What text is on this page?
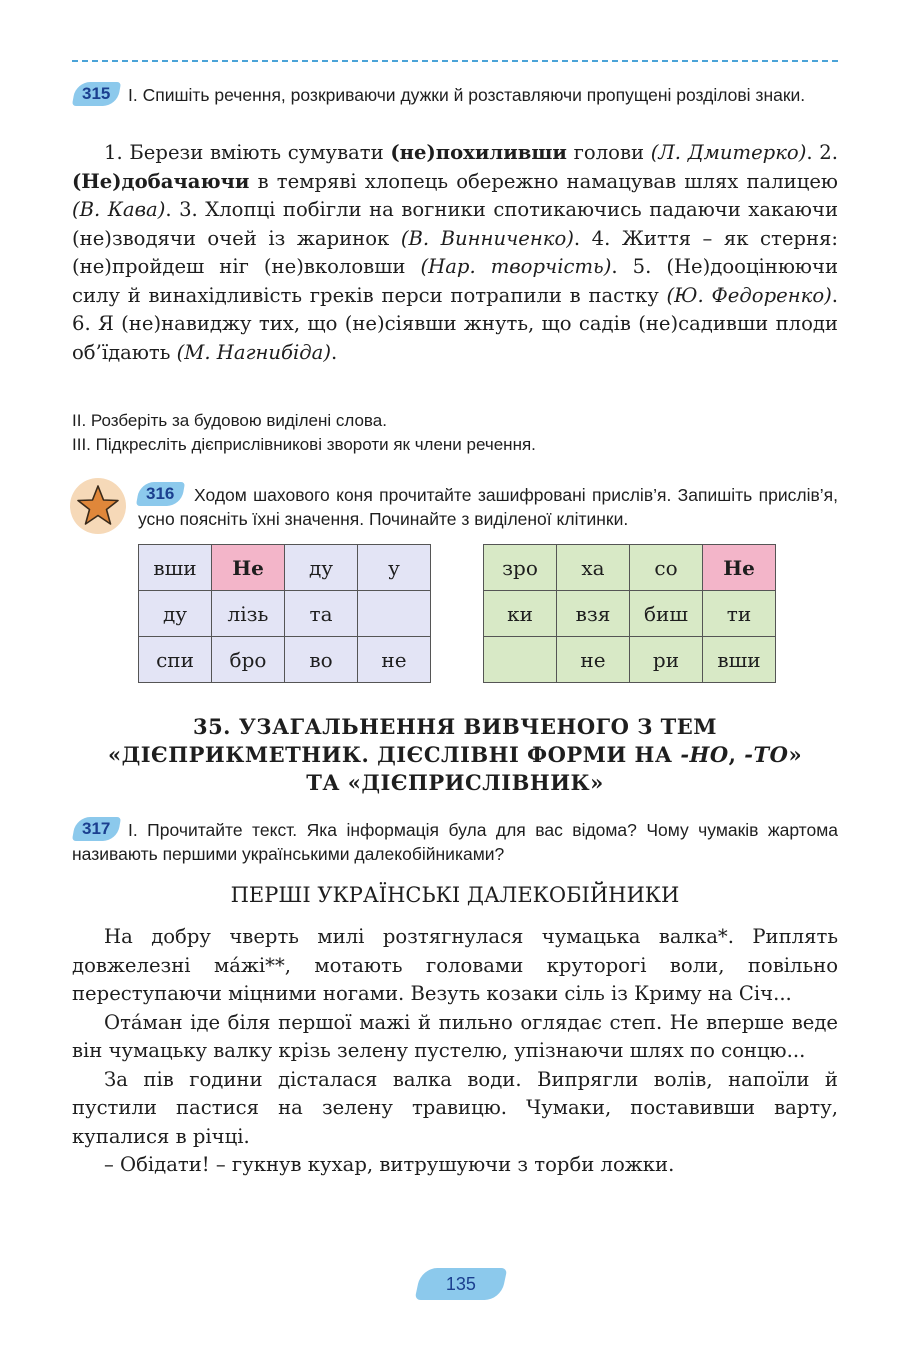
315	І. Спишіть речення, розкриваючи дужки й розставляючи пропущені розділові знаки.

1. Берези вміють сумувати (не)похиливши голови (Л. Дмитерко). 2. (Не)добачаючи в темряві хлопець обережно намацував шлях палицею (В. Кава). 3. Хлопці побігли на вогники спотикаючись падаючи хакаючи (не)зводячи очей із жаринок (В. Винниченко). 4. Життя – як стерня: (не)пройдеш ніг (не)вколовши (Нар. творчість). 5. (Не)дооцінюючи силу й винахідливість греків перси потрапили в пастку (Ю. Федоренко). 6. Я (не)навиджу тих, що (не)сіявши жнуть, що садів (не)садивши плоди об’їдають (М. Нагнибіда).

ІІ. Розберіть за будовою виділені слова.
ІІІ. Підкресліть дієприслівникові звороти як члени речення.
316	Ходом шахового коня прочитайте зашифровані прислів’я. Запишіть прислів’я, усно поясніть їхні значення. Починайте з виділеної клітинки.
вши	Не	ду	у
ду	лізь	та	
спи	бро	во	не
зро	ха	со	Не
ки	взя	биш	ти
	не	ри	вши
35. УЗАГАЛЬНЕННЯ ВИВЧЕНОГО З ТЕМ
«ДІЄПРИКМЕТНИК. ДІЄСЛІВНІ ФОРМИ НА -НО, -ТО»
ТА «ДІЄПРИСЛІВНИК»
317	І. Прочитайте текст. Яка інформація була для вас відома? Чому чумаків жартома називають першими українськими далекобійниками?
ПЕРШІ УКРАЇНСЬКІ ДАЛЕКОБІЙНИКИ

На добру чверть милі розтягнулася чумацька валка*. Риплять довжелезні ма́жі**, мотають головами круторогі воли, повільно переступаючи міцними ногами. Везуть козаки сіль із Криму на Січ...

Ота́ман іде біля першої мажі й пильно оглядає степ. Не вперше веде він чумацьку валку крізь зелену пустелю, упізнаючи шлях по сонцю...

За пів години дісталася валка води. Випрягли волів, напоїли й пустили пастися на зелену травицю. Чумаки, поставивши варту, купалися в річці.

– Обідати! – гукнув кухар, витрушуючи з торби ложки.

135
